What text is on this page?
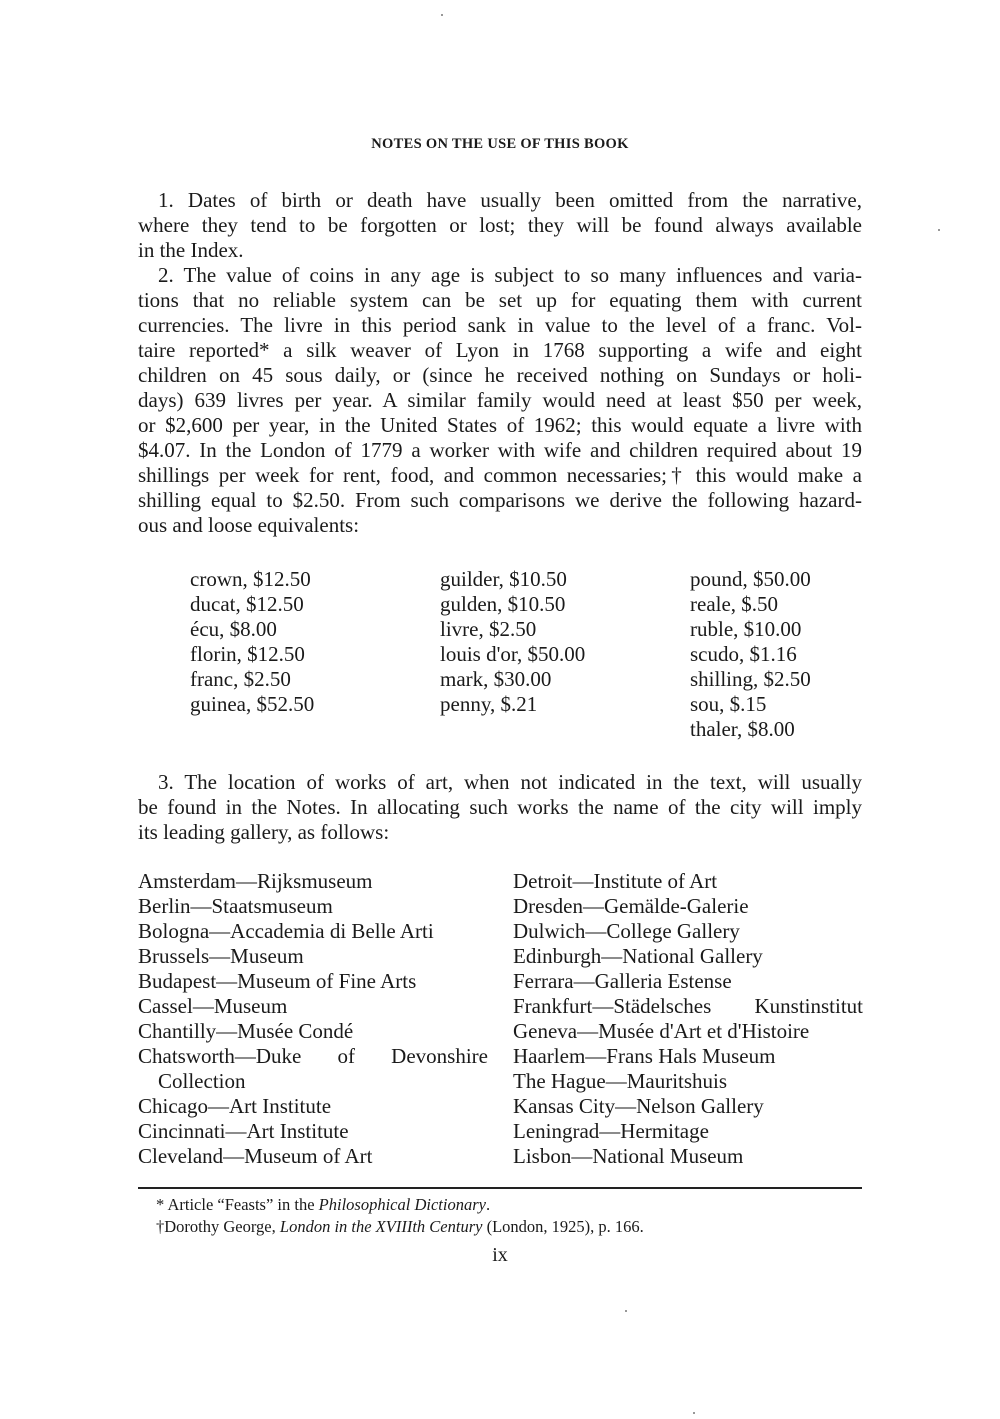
NOTES ON THE USE OF THIS BOOK
1. Dates of birth or death have usually been omitted from the narrative,
where they tend to be forgotten or lost; they will be found always available
in the Index.
2. The value of coins in any age is subject to so many influences and varia-
tions that no reliable system can be set up for equating them with current
currencies. The livre in this period sank in value to the level of a franc. Vol-
taire reported* a silk weaver of Lyon in 1768 supporting a wife and eight
children on 45 sous daily, or (since he received nothing on Sundays or holi-
days) 639 livres per year. A similar family would need at least $50 per week,
or $2,600 per year, in the United States of 1962; this would equate a livre with
$4.07. In the London of 1779 a worker with wife and children required about 19
shillings per week for rent, food, and common necessaries;† this would make a
shilling equal to $2.50. From such comparisons we derive the following hazard-
ous and loose equivalents:
crown, $12.50
ducat, $12.50
écu, $8.00
florin, $12.50
franc, $2.50
guinea, $52.50
guilder, $10.50
gulden, $10.50
livre, $2.50
louis d'or, $50.00
mark, $30.00
penny, $.21
pound, $50.00
reale, $.50
ruble, $10.00
scudo, $1.16
shilling, $2.50
sou, $.15
thaler, $8.00
3. The location of works of art, when not indicated in the text, will usually
be found in the Notes. In allocating such works the name of the city will imply
its leading gallery, as follows:
Amsterdam—Rijksmuseum
Berlin—Staatsmuseum
Bologna—Accademia di Belle Arti
Brussels—Museum
Budapest—Museum of Fine Arts
Cassel—Museum
Chantilly—Musée Condé
Chatsworth—Duke of Devonshire
Collection
Chicago—Art Institute
Cincinnati—Art Institute
Cleveland—Museum of Art
Detroit—Institute of Art
Dresden—Gemälde-Galerie
Dulwich—College Gallery
Edinburgh—National Gallery
Ferrara—Galleria Estense
Frankfurt—Städelsches Kunstinstitut
Geneva—Musée d'Art et d'Histoire
Haarlem—Frans Hals Museum
The Hague—Mauritshuis
Kansas City—Nelson Gallery
Leningrad—Hermitage
Lisbon—National Museum
* Article “Feasts” in the Philosophical Dictionary.
†Dorothy George, London in the XVIIIth Century (London, 1925), p. 166.
ix
